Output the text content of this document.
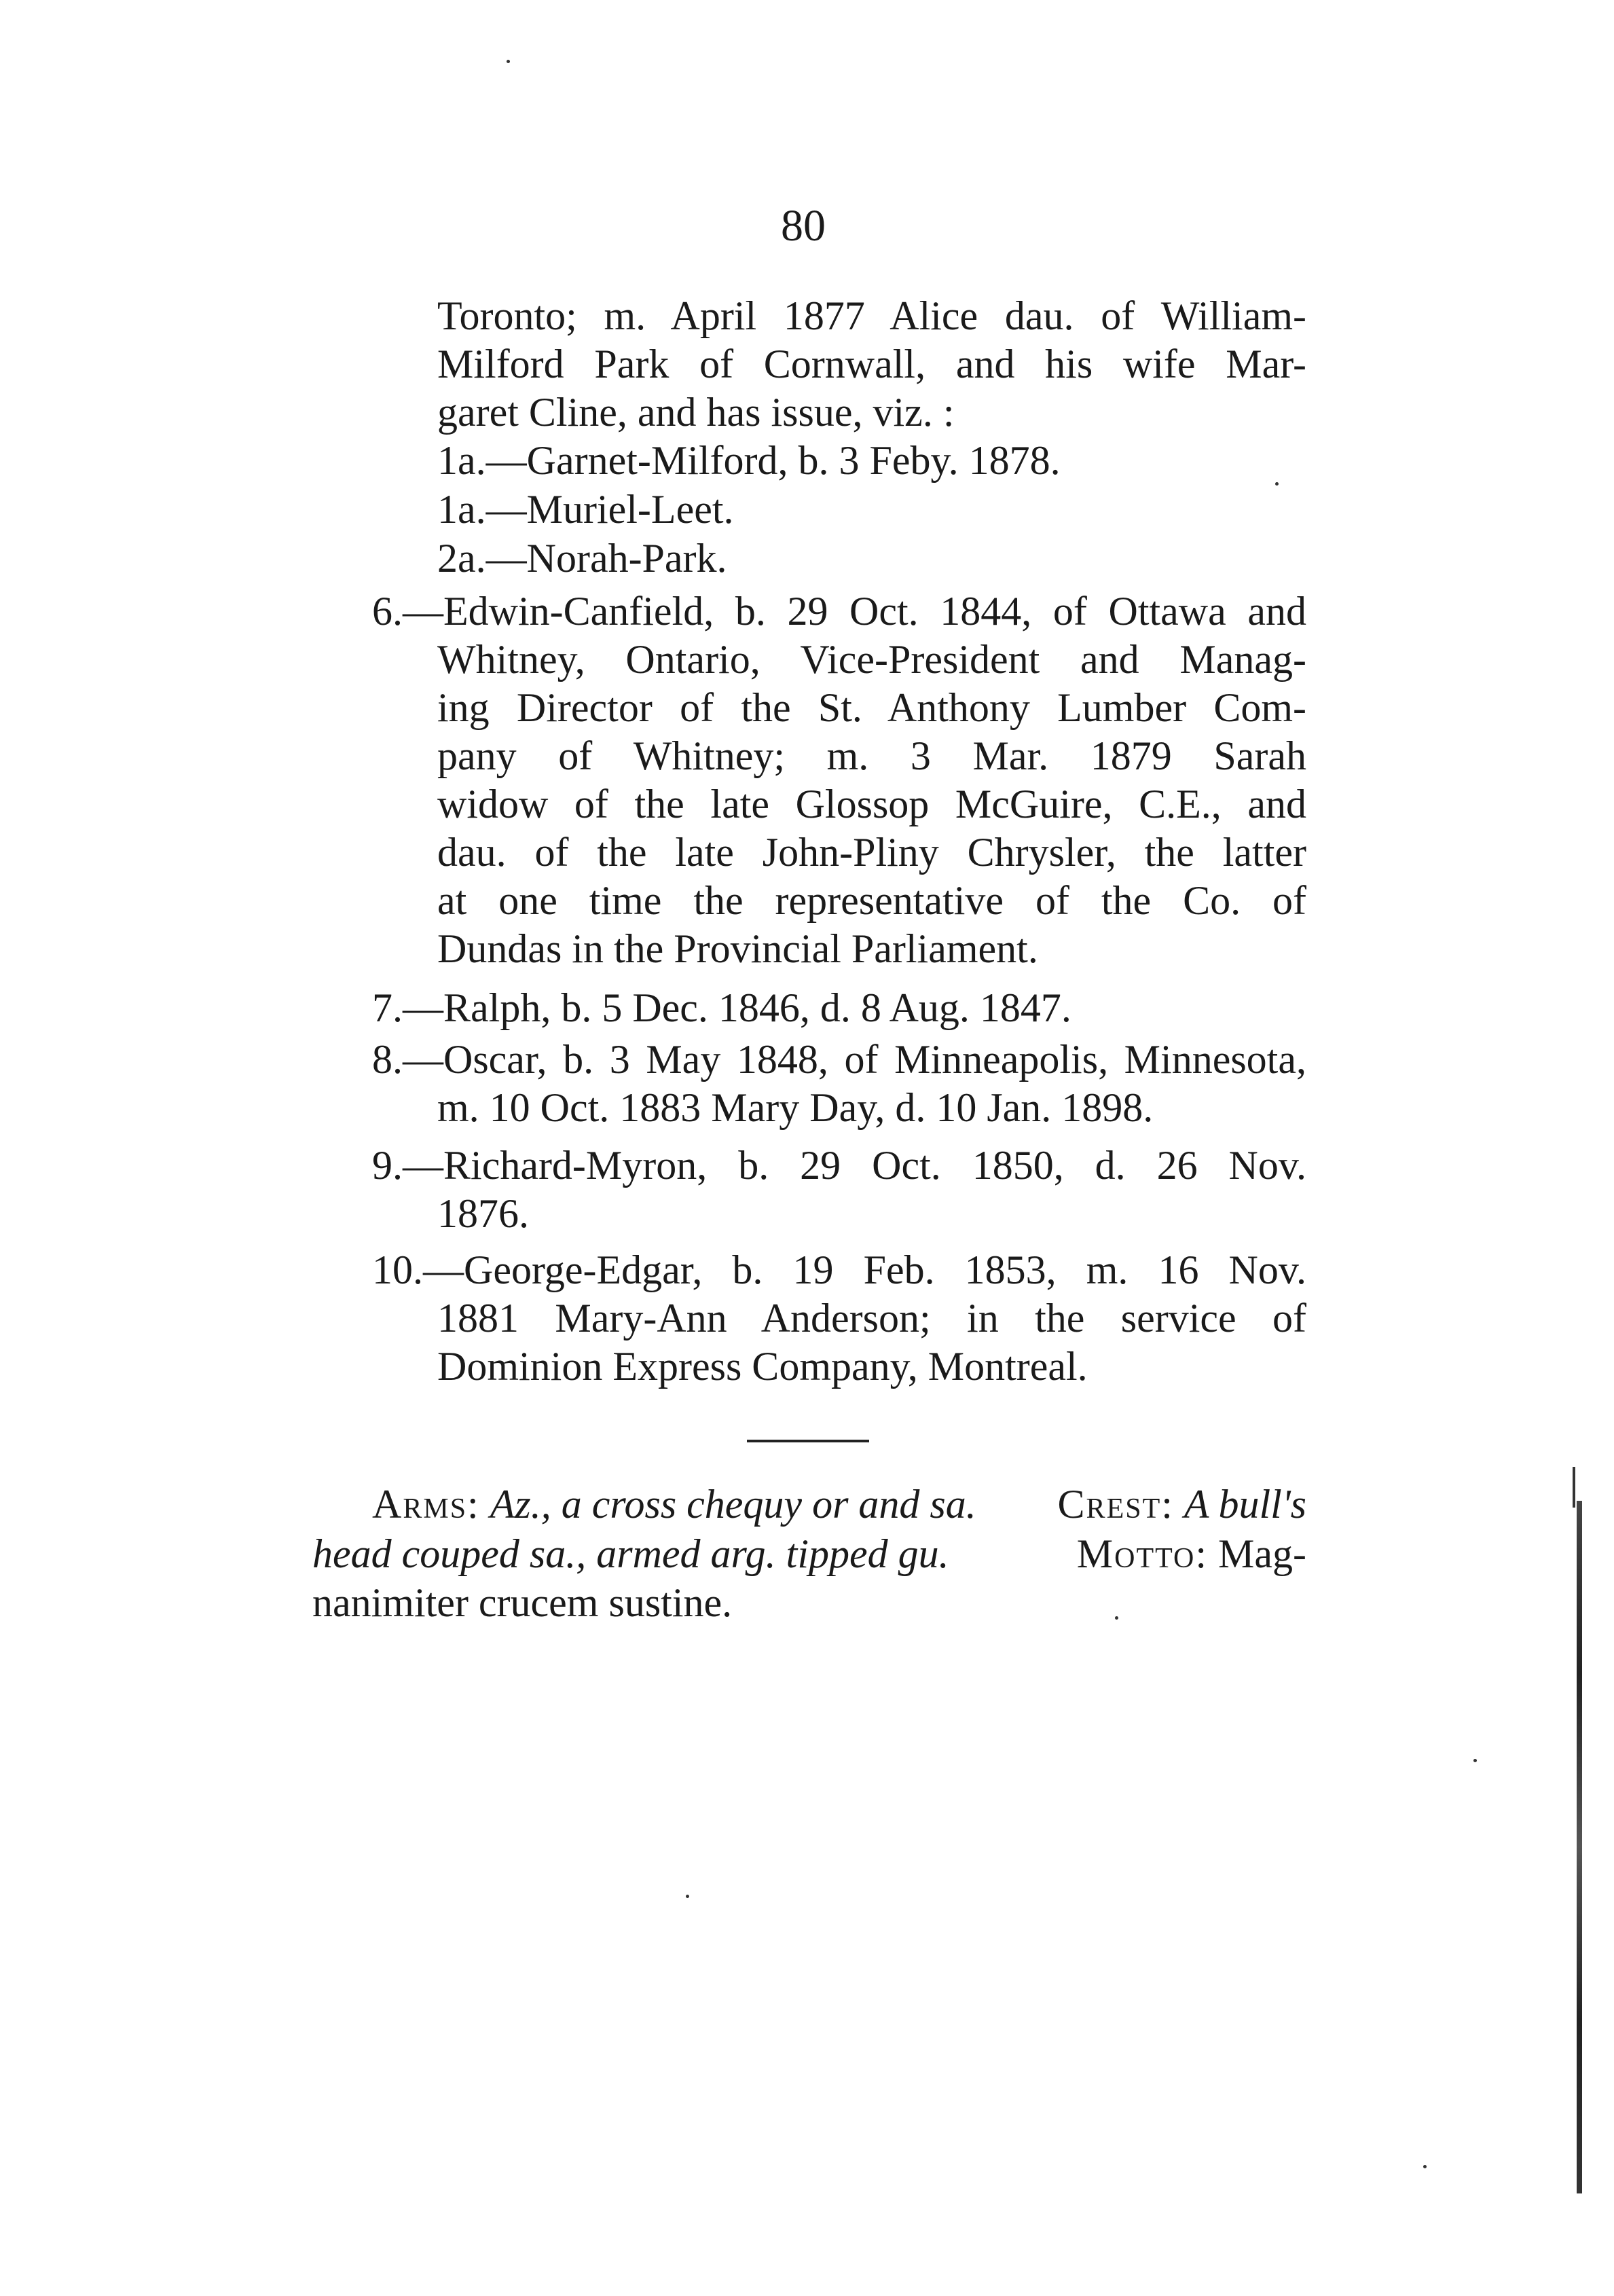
80
Toronto; m. April 1877 Alice dau. of William-
Milford Park of Cornwall, and his wife Mar-
garet Cline, and has issue, viz. :
1a.—Garnet-Milford, b. 3 Feby. 1878.
1a.—Muriel-Leet.
2a.—Norah-Park.
6.—Edwin-Canfield, b. 29 Oct. 1844, of Ottawa and
Whitney, Ontario, Vice-President and Manag-
ing Director of the St. Anthony Lumber Com-
pany of Whitney; m. 3 Mar. 1879 Sarah
widow of the late Glossop McGuire, C.E., and
dau. of the late John-Pliny Chrysler, the latter
at one time the representative of the Co. of
Dundas in the Provincial Parliament.
7.—Ralph, b. 5 Dec. 1846, d. 8 Aug. 1847.
8.—Oscar, b. 3 May 1848, of Minneapolis, Minnesota,
m. 10 Oct. 1883 Mary Day, d. 10 Jan. 1898.
9.—Richard-Myron, b. 29 Oct. 1850, d. 26 Nov.
1876.
10.—George-Edgar, b. 19 Feb. 1853, m. 16 Nov.
1881 Mary-Ann Anderson; in the service of
Dominion Express Company, Montreal.
Arms: Az., a cross chequy or and sa. Crest: A bull's
head couped sa., armed arg. tipped gu.	Motto: Mag-
nanimiter crucem sustine.
